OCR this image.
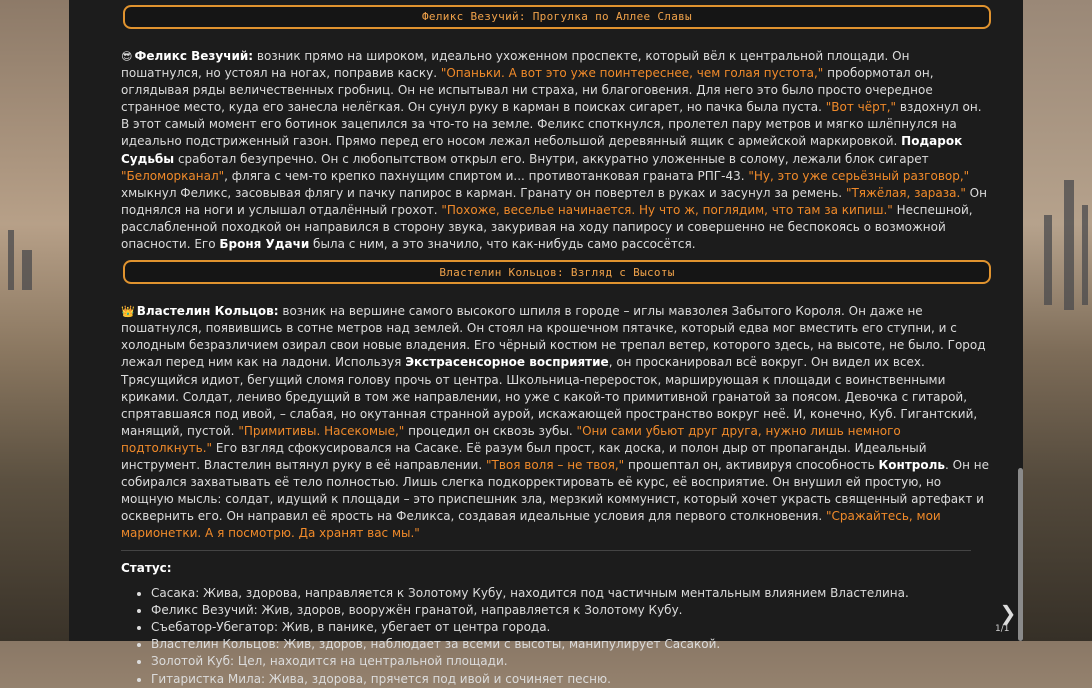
Феликс Везучий: Прогулка по Аллее Славы

😎 Феликс Везучий: возник прямо на широком, идеально ухоженном проспекте, который вёл к центральной площади. Он пошатнулся, но устоял на ногах, поправив каску. "Опаньки. А вот это уже поинтереснее, чем голая пустота," пробормотал он, оглядывая ряды величественных гробниц. Он не испытывал ни страха, ни благоговения. Для него это было просто очередное странное место, куда его занесла нелёгкая. Он сунул руку в карман в поисках сигарет, но пачка была пуста. "Вот чёрт," вздохнул он. В этот самый момент его ботинок зацепился за что-то на земле. Феликс споткнулся, пролетел пару метров и мягко шлёпнулся на идеально подстриженный газон. Прямо перед его носом лежал небольшой деревянный ящик с армейской маркировкой. Подарок Судьбы сработал безупречно. Он с любопытством открыл его. Внутри, аккуратно уложенные в солому, лежали блок сигарет "Беломорканал", фляга с чем-то крепко пахнущим спиртом и... противотанковая граната РПГ-43. "Ну, это уже серьёзный разговор," хмыкнул Феликс, засовывая флягу и пачку папирос в карман. Гранату он повертел в руках и засунул за ремень. "Тяжёлая, зараза." Он поднялся на ноги и услышал отдалённый грохот. "Похоже, веселье начинается. Ну что ж, поглядим, что там за кипиш." Неспешной, расслабленной походкой он направился в сторону звука, закуривая на ходу папиросу и совершенно не беспокоясь о возможной опасности. Его Броня Удачи была с ним, а это значило, что как-нибудь само рассосётся.

Властелин Кольцов: Взгляд с Высоты

👑 Властелин Кольцов: возник на вершине самого высокого шпиля в городе – иглы мавзолея Забытого Короля. Он даже не пошатнулся, появившись в сотне метров над землей. Он стоял на крошечном пятачке, который едва мог вместить его ступни, и с холодным безразличием озирал свои новые владения. Его чёрный костюм не трепал ветер, которого здесь, на высоте, не было. Город лежал перед ним как на ладони. Используя Экстрасенсорное восприятие, он просканировал всё вокруг. Он видел их всех. Трясущийся идиот, бегущий сломя голову прочь от центра. Школьница-переросток, марширующая к площади с воинственными криками. Солдат, лениво бредущий в том же направлении, но уже с какой-то примитивной гранатой за поясом. Девочка с гитарой, спрятавшаяся под ивой, – слабая, но окутанная странной аурой, искажающей пространство вокруг неё. И, конечно, Куб. Гигантский, манящий, пустой. "Примитивы. Насекомые," процедил он сквозь зубы. "Они сами убьют друг друга, нужно лишь немного подтолкнуть." Его взгляд сфокусировался на Сасаке. Её разум был прост, как доска, и полон дыр от пропаганды. Идеальный инструмент. Властелин вытянул руку в её направлении. "Твоя воля – не твоя," прошептал он, активируя способность Контроль. Он не собирался захватывать её тело полностью. Лишь слегка подкорректировать её курс, её восприятие. Он внушил ей простую, но мощную мысль: солдат, идущий к площади – это приспешник зла, мерзкий коммунист, который хочет украсть священный артефакт и осквернить его. Он направил её ярость на Феликса, создавая идеальные условия для первого столкновения. "Сражайтесь, мои марионетки. А я посмотрю. Да хранят вас мы."

Статус:
• Сасака: Жива, здорова, направляется к Золотому Кубу, находится под частичным ментальным влиянием Властелина.
• Феликс Везучий: Жив, здоров, вооружён гранатой, направляется к Золотому Кубу.
• Съебатор-Убегатор: Жив, в панике, убегает от центра города.
• Властелин Кольцов: Жив, здоров, наблюдает за всеми с высоты, манипулирует Сасакой.
• Золотой Куб: Цел, находится на центральной площади.
• Гитаристка Мила: Жива, здорова, прячется под ивой и сочиняет песню.
❯
1/1
